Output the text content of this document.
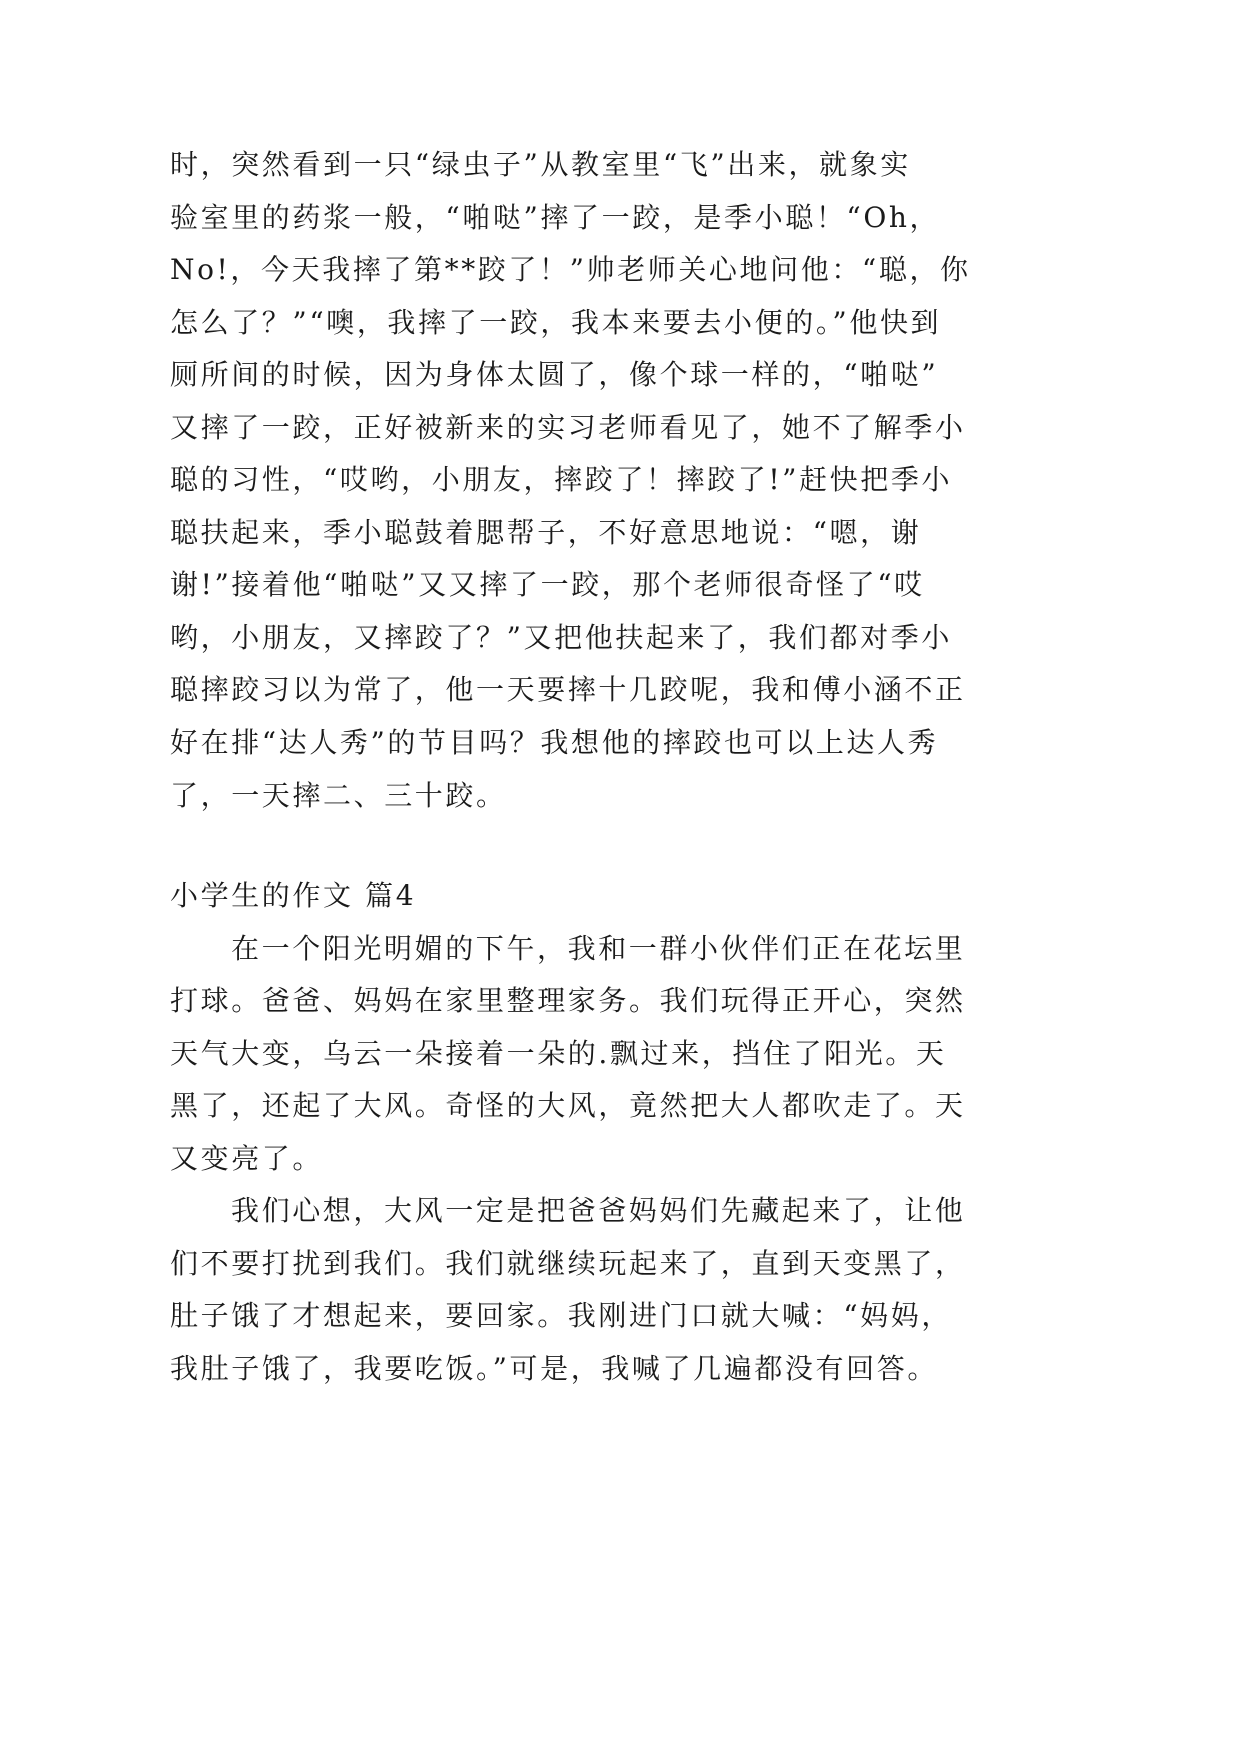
时，突然看到一只“绿虫子”从教室里“飞”出来，就象实
验室里的药浆一般，“啪哒”摔了一跤，是季小聪！“Oh，
No!，今天我摔了第**跤了！”帅老师关心地问他：“聪，你
怎么了？”“噢，我摔了一跤，我本来要去小便的。”他快到
厕所间的时候，因为身体太圆了，像个球一样的，“啪哒”
又摔了一跤，正好被新来的实习老师看见了，她不了解季小
聪的习性，“哎哟，小朋友，摔跤了！摔跤了!”赶快把季小
聪扶起来，季小聪鼓着腮帮子，不好意思地说：“嗯，谢
谢!”接着他“啪哒”又又摔了一跤，那个老师很奇怪了“哎
哟，小朋友，又摔跤了？”又把他扶起来了，我们都对季小
聪摔跤习以为常了，他一天要摔十几跤呢，我和傅小涵不正
好在排“达人秀”的节目吗？我想他的摔跤也可以上达人秀
了，一天摔二、三十跤。
小学生的作文 篇4
在一个阳光明媚的下午，我和一群小伙伴们正在花坛里
打球。爸爸、妈妈在家里整理家务。我们玩得正开心，突然
天气大变，乌云一朵接着一朵的.飘过来，挡住了阳光。天
黑了，还起了大风。奇怪的大风，竟然把大人都吹走了。天
又变亮了。
我们心想，大风一定是把爸爸妈妈们先藏起来了，让他
们不要打扰到我们。我们就继续玩起来了，直到天变黑了，
肚子饿了才想起来，要回家。我刚进门口就大喊：“妈妈，
我肚子饿了，我要吃饭。”可是，我喊了几遍都没有回答。
